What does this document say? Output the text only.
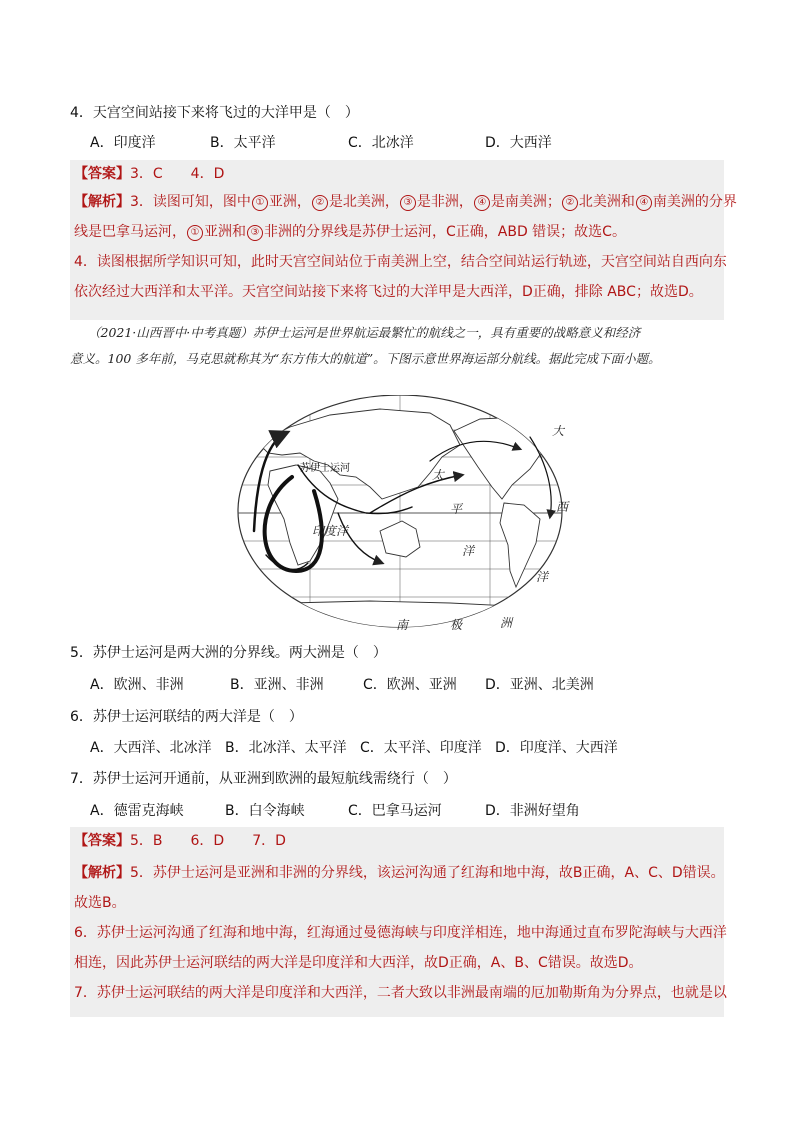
4．天宫空间站接下来将飞过的大洋甲是（　）
A．印度洋	B．太平洋	C．北冰洋	D．大西洋
【答案】3．C　　4．D
【解析】3．读图可知，图中 ① 亚洲， ② 是北美洲， ③ 是非洲， ④ 是南美洲； ② 北美洲和 ④ 南美洲的分界
线是巴拿马运河， ① 亚洲和 ③ 非洲的分界线是苏伊士运河，C正确，ABD 错误；故选C。
4．读图根据所学知识可知，此时天宫空间站位于南美洲上空，结合空间站运行轨迹，天宫空间站自西向东
依次经过大西洋和太平洋。天宫空间站接下来将飞过的大洋甲是大西洋，D正确，排除 ABC；故选D。
（2021·山西晋中·中考真题）苏伊士运河是世界航运最繁忙的航线之一，具有重要的战略意义和经济
意义。100 多年前，马克思就称其为“东方伟大的航道”。下图示意世界海运部分航线。据此完成下面小题。
苏伊士运河	太
平
洋
印度洋
大
西
洋
南	极	洲
5．苏伊士运河是两大洲的分界线。两大洲是（　）
A．欧洲、非洲	B．亚洲、非洲	C．欧洲、亚洲 D．亚洲、北美洲
6．苏伊士运河联结的两大洋是（　）
A．大西洋、北冰洋 B．北冰洋、太平洋 C．太平洋、印度洋 D．印度洋、大西洋
7．苏伊士运河开通前，从亚洲到欧洲的最短航线需绕行（　）
A．德雷克海峡	B．白令海峡	C．巴拿马运河	D．非洲好望角
【答案】5．B　　6．D　　7．D
【解析】5．苏伊士运河是亚洲和非洲的分界线，该运河沟通了红海和地中海，故B正确，A、C、D错误。
故选B。
6．苏伊士运河沟通了红海和地中海，红海通过曼德海峡与印度洋相连，地中海通过直布罗陀海峡与大西洋
相连，因此苏伊士运河联结的两大洋是印度洋和大西洋，故D正确，A、B、C错误。故选D。
7．苏伊士运河联结的两大洋是印度洋和大西洋，二者大致以非洲最南端的厄加勒斯角为分界点，也就是以
